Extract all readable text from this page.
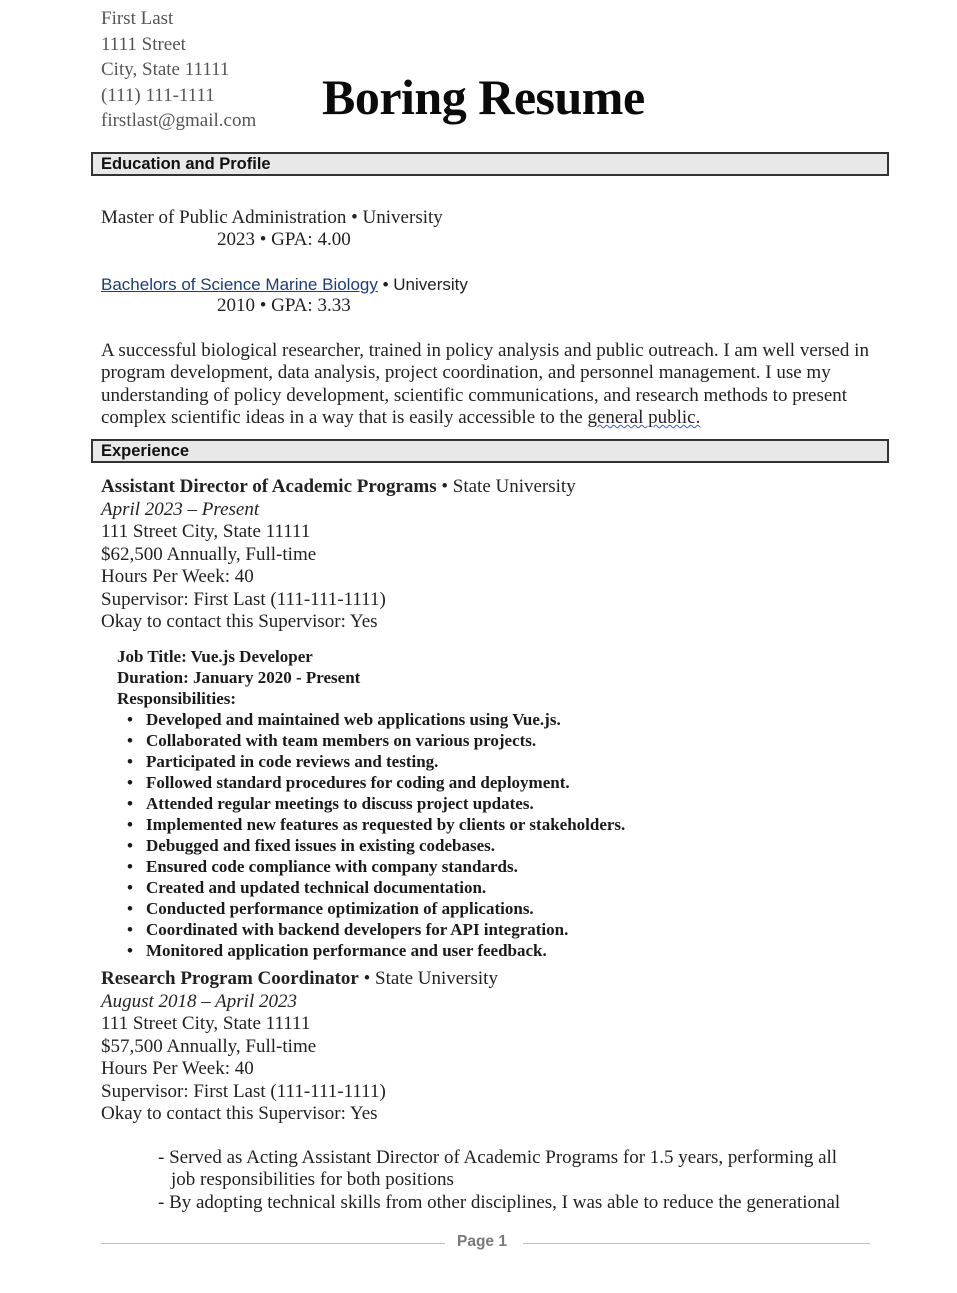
First Last
1111 Street
City, State 11111
(111) 111-1111
firstlast@gmail.com Boring Resume
Education and Profile
Master of Public Administration • University
2023 • GPA: 4.00
Bachelors of Science Marine Biology • University
2010 • GPA: 3.33
A successful biological researcher, trained in policy analysis and public outreach. I am well versed in program development, data analysis, project coordination, and personnel management. I use my understanding of policy development, scientific communications, and research methods to present complex scientific ideas in a way that is easily accessible to the general public.
Experience
Assistant Director of Academic Programs • State University
April 2023 – Present
111 Street City, State 11111
$62,500 Annually, Full-time
Hours Per Week: 40
Supervisor: First Last (111-111-1111)
Okay to contact this Supervisor: Yes
Job Title: Vue.js Developer
Duration: January 2020 - Present
Responsibilities:
• Developed and maintained web applications using Vue.js.
• Collaborated with team members on various projects.
• Participated in code reviews and testing.
• Followed standard procedures for coding and deployment.
• Attended regular meetings to discuss project updates.
• Implemented new features as requested by clients or stakeholders.
• Debugged and fixed issues in existing codebases.
• Ensured code compliance with company standards.
• Created and updated technical documentation.
• Conducted performance optimization of applications.
• Coordinated with backend developers for API integration.
• Monitored application performance and user feedback.
Research Program Coordinator • State University
August 2018 – April 2023
111 Street City, State 11111
$57,500 Annually, Full-time
Hours Per Week: 40
Supervisor: First Last (111-111-1111)
Okay to contact this Supervisor: Yes
- Served as Acting Assistant Director of Academic Programs for 1.5 years, performing all
job responsibilities for both positions
- By adopting technical skills from other disciplines, I was able to reduce the generational
Page 1
